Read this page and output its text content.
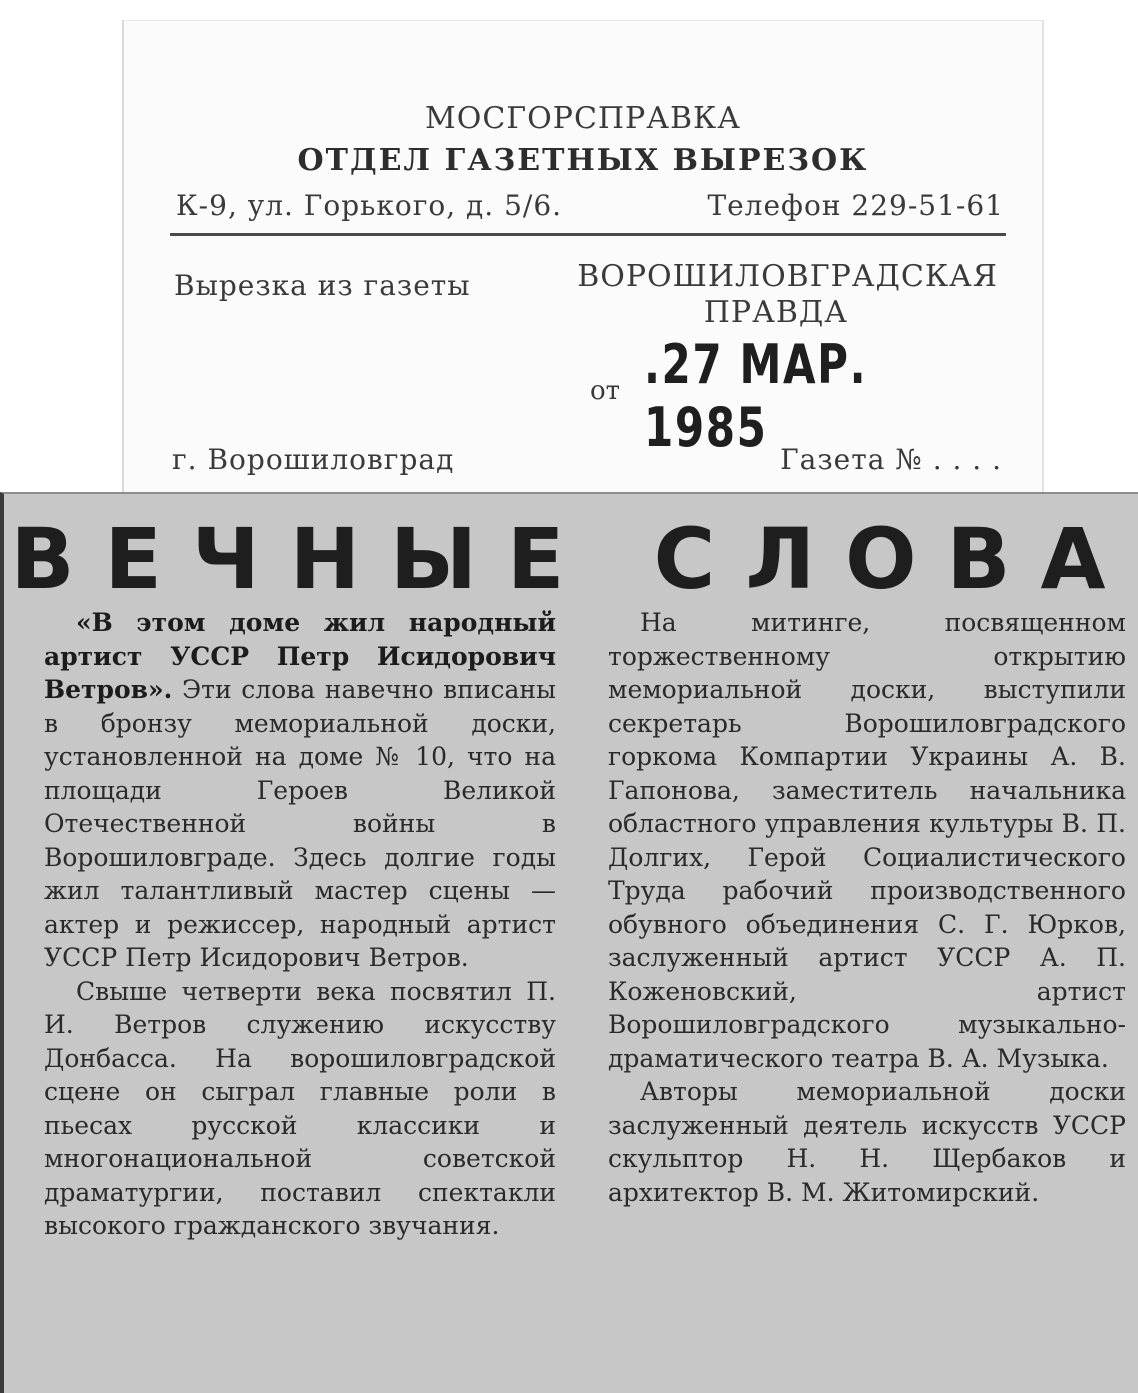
МОСГОРСПРАВКА
ОТДЕЛ ГАЗЕТНЫХ ВЫРЕЗОК
К-9, ул. Горького, д. 5/6.	Телефон 229-51-61
Вырезка из газеты	ВОРОШИЛОВГРАДСКАЯ
ПРАВДА
от .27 МАР. 1985
г. Ворошиловград	Газета № . . . .
ВЕЧНЫЕ СЛОВА

«В этом доме жил народный артист УССР Петр Исидорович Ветров». Эти слова навечно вписаны в бронзу мемориальной доски, установленной на доме № 10, что на площади Героев Великой Отечественной войны в Ворошиловграде. Здесь долгие годы жил талантливый мастер сцены — актер и режиссер, народный артист УССР Петр Исидорович Ветров.

Свыше четверти века посвятил П. И. Ветров служению искусству Донбасса. На ворошиловградской сцене он сыграл главные роли в пьесах русской классики и многонациональной советской драматургии, поставил спектакли высокого гражданского звучания.

На митинге, посвященном торжественному открытию мемориальной доски, выступили секретарь Ворошиловградского горкома Компартии Украины А. В. Гапонова, заместитель начальника областного управления культуры В. П. Долгих, Герой Социалистического Труда рабочий производственного обувного объединения С. Г. Юрков, заслуженный артист УССР А. П. Коженовский, артист Ворошиловградского музыкально-драматического театра В. А. Музыка.

Авторы мемориальной доски заслуженный деятель искусств УССР скульптор Н. Н. Щербаков и архитектор В. М. Житомирский.
